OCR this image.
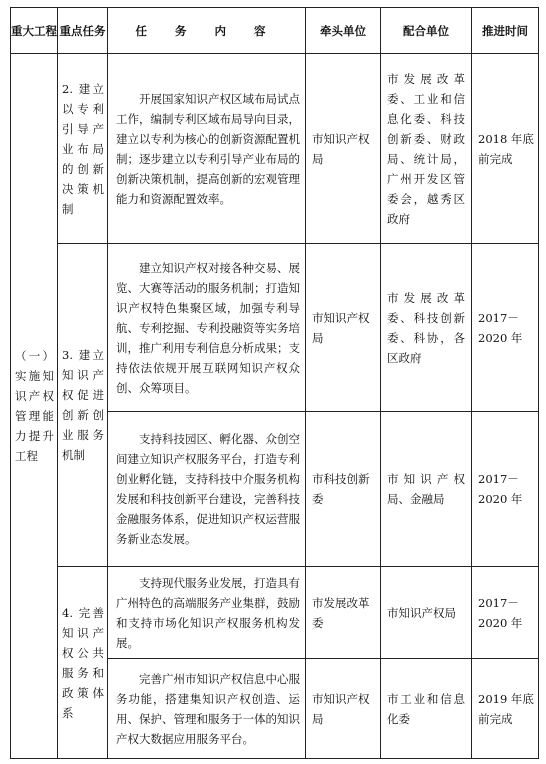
重大工程	重点任务	任 务 内 容	牵头单位	配合单位	推进时间
（一）实施知识产权管理能力提升工程	2. 建立以专利引导产业布局的创新决策机制	开展国家知识产权区域布局试点工作，编制专利区域布局导向目录，建立以专利为核心的创新资源配置机制；逐步建立以专利引导产业布局的创新决策机制，提高创新的宏观管理能力和资源配置效率。	市知识产权局	市发展改革委、工业和信息化委、科技创新委、财政局、统计局，广州开发区管委会，越秀区政府	2018 年底前完成
	3. 建立知识产权促进创新创业服务机制	建立知识产权对接各种交易、展览、大赛等活动的服务机制；打造知识产权特色集聚区域，加强专利导航、专利挖掘、专利投融资等实务培训，推广利用专利信息分析成果；支持依法依规开展互联网知识产权众创、众筹项目。	市知识产权局	市发展改革委、科技创新委、科协，各区政府	2017－2020 年
		支持科技园区、孵化器、众创空间建立知识产权服务平台，打造专利创业孵化链，支持科技中介服务机构发展和科技创新平台建设，完善科技金融服务体系，促进知识产权运营服务新业态发展。	市科技创新委	市知识产权局、金融局	2017－2020 年
	4. 完善知识产权公共服务和政策体系	支持现代服务业发展，打造具有广州特色的高端服务产业集群，鼓励和支持市场化知识产权服务机构发展。	市发展改革委	市知识产权局	2017－2020 年
		完善广州市知识产权信息中心服务功能，搭建集知识产权创造、运用、保护、管理和服务于一体的知识产权大数据应用服务平台。	市知识产权局	市工业和信息化委	2019 年底前完成
